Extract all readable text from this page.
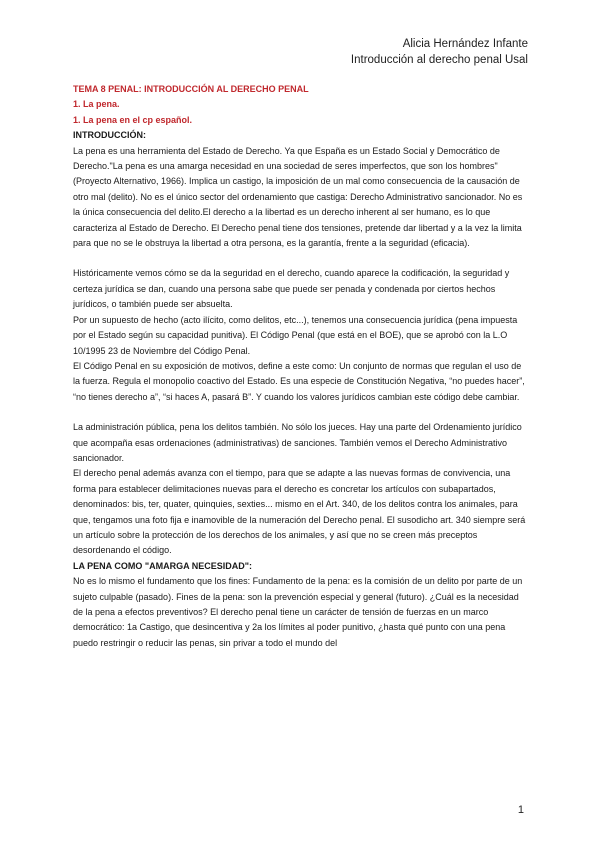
Alicia Hernández Infante
Introducción al derecho penal Usal

TEMA 8 PENAL: INTRODUCCIÓN AL DERECHO PENAL

1. La pena.

1. La pena en el cp español.

INTRODUCCIÓN:

La pena es una herramienta del Estado de Derecho. Ya que España es un Estado Social y Democrático de Derecho."La pena es una amarga necesidad en una sociedad de seres imperfectos, que son los hombres"(Proyecto Alternativo, 1966). Implica un castigo, la imposición de un mal como consecuencia de la causación de otro mal (delito). No es el único sector del ordenamiento que castiga: Derecho Administrativo sancionador. No es la única consecuencia del delito.El derecho a la libertad es un derecho inherent al ser humano, es lo que caracteriza al Estado de Derecho. El Derecho penal tiene dos tensiones, pretende dar libertad y a la vez la limita para que no se le obstruya la libertad a otra persona, es la garantía, frente a la seguridad (eficacia).

Históricamente vemos cómo se da la seguridad en el derecho, cuando aparece la codificación, la seguridad y certeza jurídica se dan, cuando una persona sabe que puede ser penada y condenada por ciertos hechos jurídicos, o también puede ser absuelta.

Por un supuesto de hecho (acto ilícito, como delitos, etc...), tenemos una consecuencia jurídica (pena impuesta por el Estado según su capacidad punitiva). El Código Penal (que está en el BOE), que se aprobó con la L.O 10/1995 23 de Noviembre del Código Penal.

El Código Penal en su exposición de motivos, define a este como: Un conjunto de normas que regulan el uso de la fuerza. Regula el monopolio coactivo del Estado. Es una especie de Constitución Negativa, “no puedes hacer”, “no tienes derecho a”, “si haces A, pasará B”. Y cuando los valores jurídicos cambian este código debe cambiar.

La administración pública, pena los delitos también. No sólo los jueces. Hay una parte del Ordenamiento jurídico que acompaña esas ordenaciones (administrativas) de sanciones. También vemos el Derecho Administrativo sancionador.

El derecho penal además avanza con el tiempo, para que se adapte a las nuevas formas de convivencia, una forma para establecer delimitaciones nuevas para el derecho es concretar los artículos con subapartados, denominados: bis, ter, quater, quinquies, sexties... mismo en el Art. 340, de los delitos contra los animales, para que, tengamos una foto fija e inamovible de la numeración del Derecho penal. El susodicho art. 340 siempre será un artículo sobre la protección de los derechos de los animales, y así que no se creen más preceptos desordenando el código.

LA PENA COMO "AMARGA NECESIDAD":

No es lo mismo el fundamento que los fines: Fundamento de la pena: es la comisión de un delito por parte de un sujeto culpable (pasado). Fines de la pena: son la prevención especial y general (futuro). ¿Cuál es la necesidad de la pena a efectos preventivos? El derecho penal tiene un carácter de tensión de fuerzas en un marco democrático: 1a Castigo, que desincentiva y 2a los límites al poder punitivo, ¿hasta qué punto con una pena puedo restringir o reducir las penas, sin privar a todo el mundo del

1
